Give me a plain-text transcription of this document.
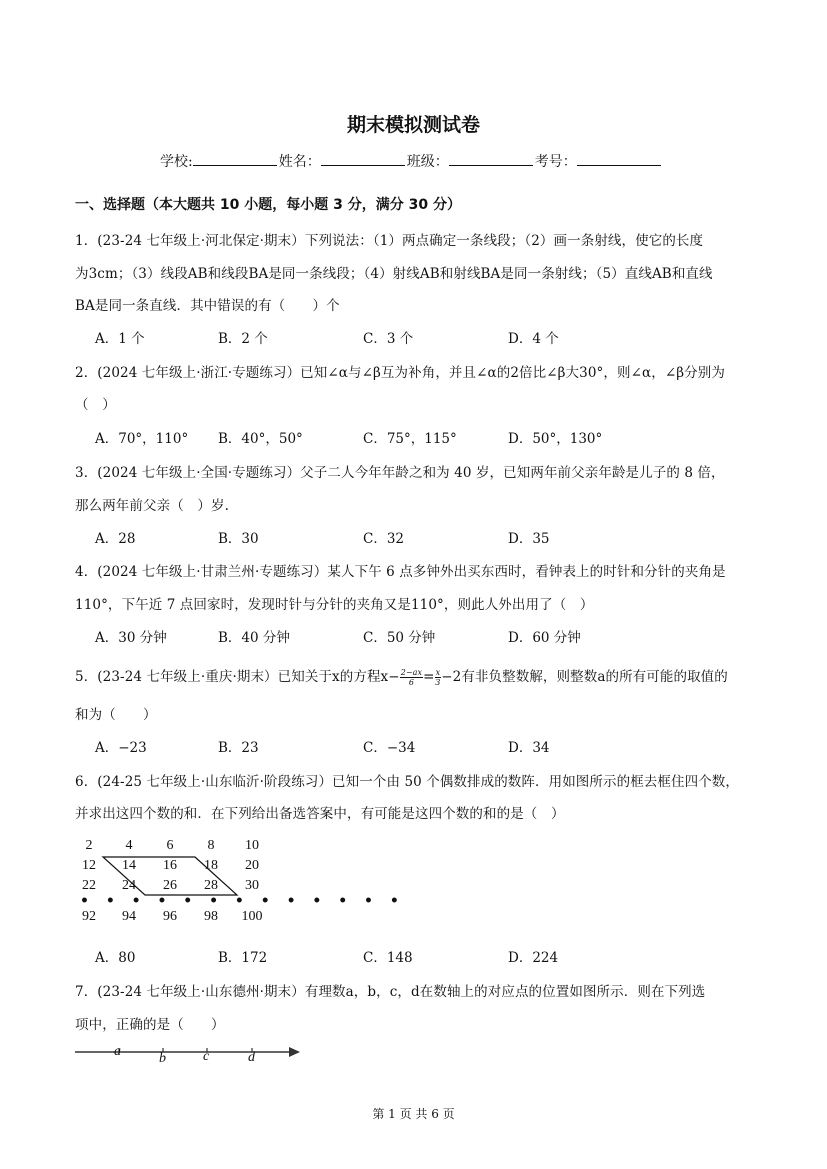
期末模拟测试卷
学校:	姓名：	班级：	考号：
一、选择题（本大题共 10 小题，每小题 3 分，满分 30 分）
1．(23-24 七年级上·河北保定·期末）下列说法：（1）两点确定一条线段；（2）画一条射线，使它的长度
为3cm；（3）线段AB和线段BA是同一条线段；（4）射线AB和射线BA是同一条射线；（5）直线AB和直线
BA是同一条直线．其中错误的有（　　）个
A．1 个	B．2 个	C．3 个	D．4 个
2．(2024 七年级上·浙江·专题练习）已知∠α与∠β互为补角，并且∠α的2倍比∠β大30°，则∠α，∠β分别为
（　）
A．70°，110° B．40°，50°	C．75°，115°	D．50°，130°
3．(2024 七年级上·全国·专题练习）父子二人今年年龄之和为 40 岁，已知两年前父亲年龄是儿子的 8 倍，
那么两年前父亲（　）岁.
A．28	B．30	C．32	D．35
4．(2024 七年级上·甘肃兰州·专题练习）某人下午 6 点多钟外出买东西时，看钟表上的时针和分针的夹角是
110°，下午近 7 点回家时，发现时针与分针的夹角又是110°，则此人外出用了（　）
A．30 分钟	B．40 分钟	C．50 分钟	D．60 分钟
5．(23-24 七年级上·重庆·期末）已知关于x的方程$x- \frac{2-ax}{6} = \frac{x}{3} -2$有非负整数解，则整数a的所有可能的取值的
和为（　　）
A．−23	B．23	C．−34	D．34
6．(24-25 七年级上·山东临沂·阶段练习）已知一个由 50 个偶数排成的数阵．用如图所示的框去框住四个数，
并求出这四个数的和．在下列给出备选答案中，有可能是这四个数的和的是（　）
2	4	6	8	10
12	14	16	18	20
22	24	26	28	30
• • • • • • • • • • • • •
92	94	96	98	100
A．80	B．172	C．148	D．224
7．(23-24 七年级上·山东德州·期末）有理数a，b，c，d在数轴上的对应点的位置如图所示．则在下列选
项中，正确的是（　　）
a	b	c	d
第 1 页 共 6 页
